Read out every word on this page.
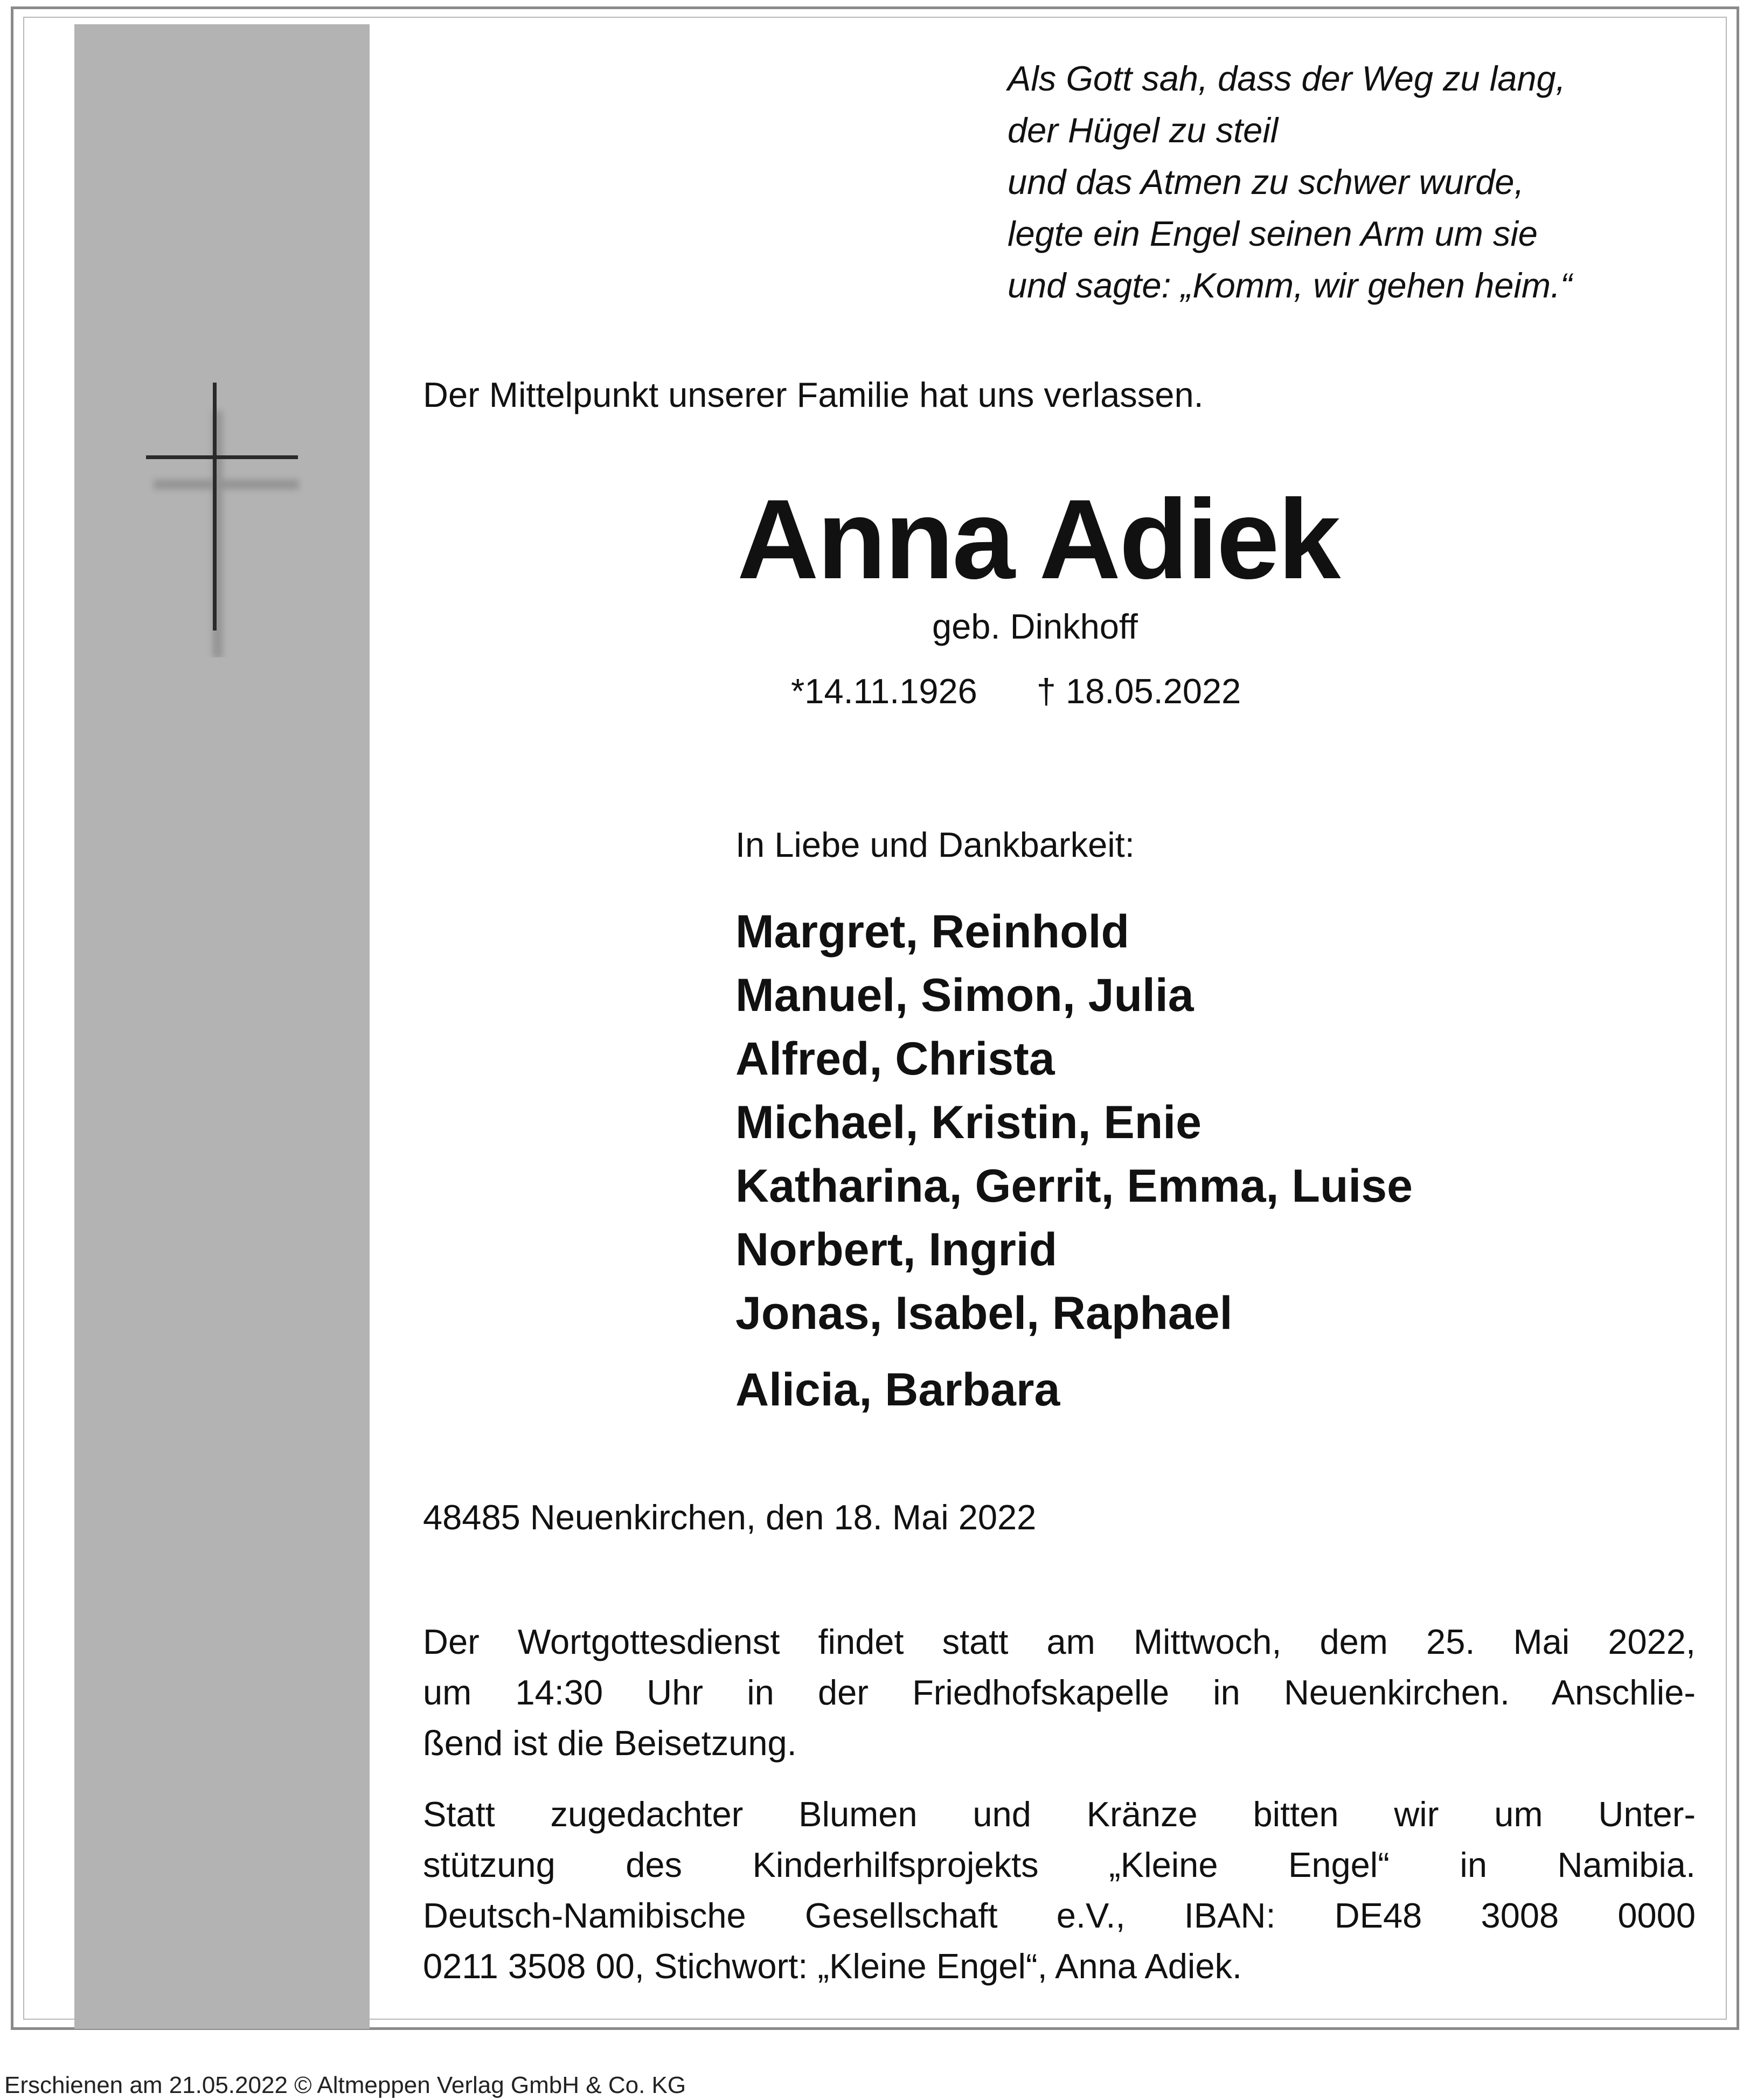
Als Gott sah, dass der Weg zu lang,
der Hügel zu steil
und das Atmen zu schwer wurde,
legte ein Engel seinen Arm um sie
und sagte: „Komm, wir gehen heim.“
Der Mittelpunkt unserer Familie hat uns verlassen.
Anna Adiek
geb. Dinkhoff
*14.11.1926 † 18.05.2022
In Liebe und Dankbarkeit:
Margret, Reinhold
Manuel, Simon, Julia
Alfred, Christa
Michael, Kristin, Enie
Katharina, Gerrit, Emma, Luise
Norbert, Ingrid
Jonas, Isabel, Raphael
Alicia, Barbara
48485 Neuenkirchen, den 18. Mai 2022
Der Wortgottesdienst findet statt am Mittwoch, dem 25. Mai 2022,
um 14:30 Uhr in der Friedhofskapelle in Neuenkirchen. Anschlie-
ßend ist die Beisetzung.
Statt zugedachter Blumen und Kränze bitten wir um Unter-
stützung des Kinderhilfsprojekts „Kleine Engel“ in Namibia.
Deutsch-Namibische Gesellschaft e.V., IBAN: DE48 3008 0000
0211 3508 00, Stichwort: „Kleine Engel“, Anna Adiek.
Erschienen am 21.05.2022 © Altmeppen Verlag GmbH & Co. KG
